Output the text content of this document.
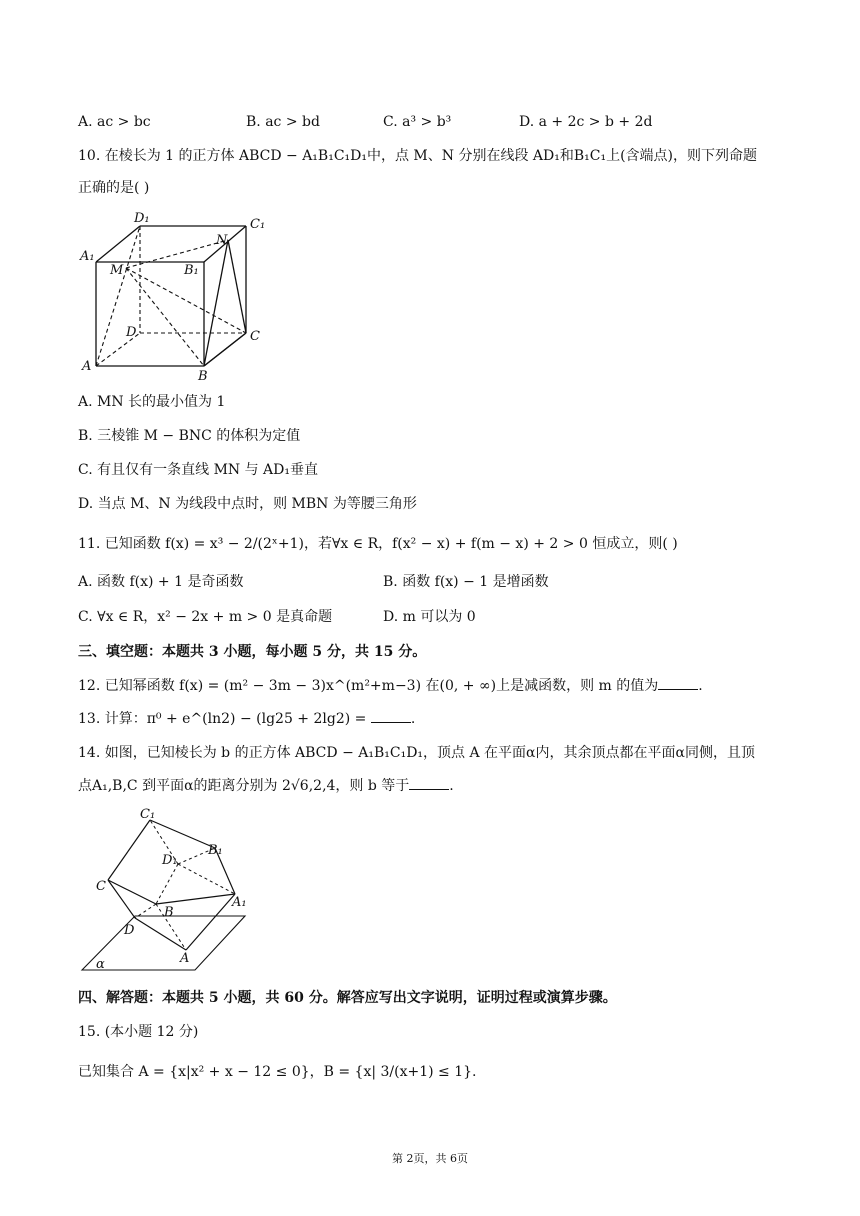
A. ac > bc	B. ac > bd	C. a³ > b³	D. a + 2c > b + 2d
10. 在棱长为 1 的正方体 ABCD − A₁B₁C₁D₁中，点 M、N 分别在线段 AD₁和B₁C₁上(含端点)，则下列命题
正确的是( )
D₁	C₁
A₁
N
M	B₁
D	C
A
B
A. MN 长的最小值为 1
B. 三棱锥 M − BNC 的体积为定值
C. 有且仅有一条直线 MN 与 AD₁垂直
D. 当点 M、N 为线段中点时，则 MBN 为等腰三角形
11. 已知函数 f(x) = x³ − 2/(2ˣ+1)，若∀x ∈ R，f(x² − x) + f(m − x) + 2 > 0 恒成立，则( )
A. 函数 f(x) + 1 是奇函数	B. 函数 f(x) − 1 是增函数
C. ∀x ∈ R，x² − 2x + m > 0 是真命题	D. m 可以为 0
三、填空题：本题共 3 小题，每小题 5 分，共 15 分。
12. 已知幂函数 f(x) = (m² − 3m − 3)x^(m²+m−3) 在(0, + ∞)上是减函数，则 m 的值为	.
13. 计算：π⁰ + e^(ln2) − (lg25 + 2lg2) =	.
14. 如图，已知棱长为 b 的正方体 ABCD − A₁B₁C₁D₁，顶点 A 在平面α内，其余顶点都在平面α同侧，且顶
点A₁,B,C 到平面α的距离分别为 2√6,2,4，则 b 等于	.
C₁
D₁
B₁
C
A₁
B
D
A
α
四、解答题：本题共 5 小题，共 60 分。解答应写出文字说明，证明过程或演算步骤。
15. (本小题 12 分)
已知集合 A = {x|x² + x − 12 ≤ 0}，B = {x| 3/(x+1) ≤ 1}.
第 2页，共 6页
